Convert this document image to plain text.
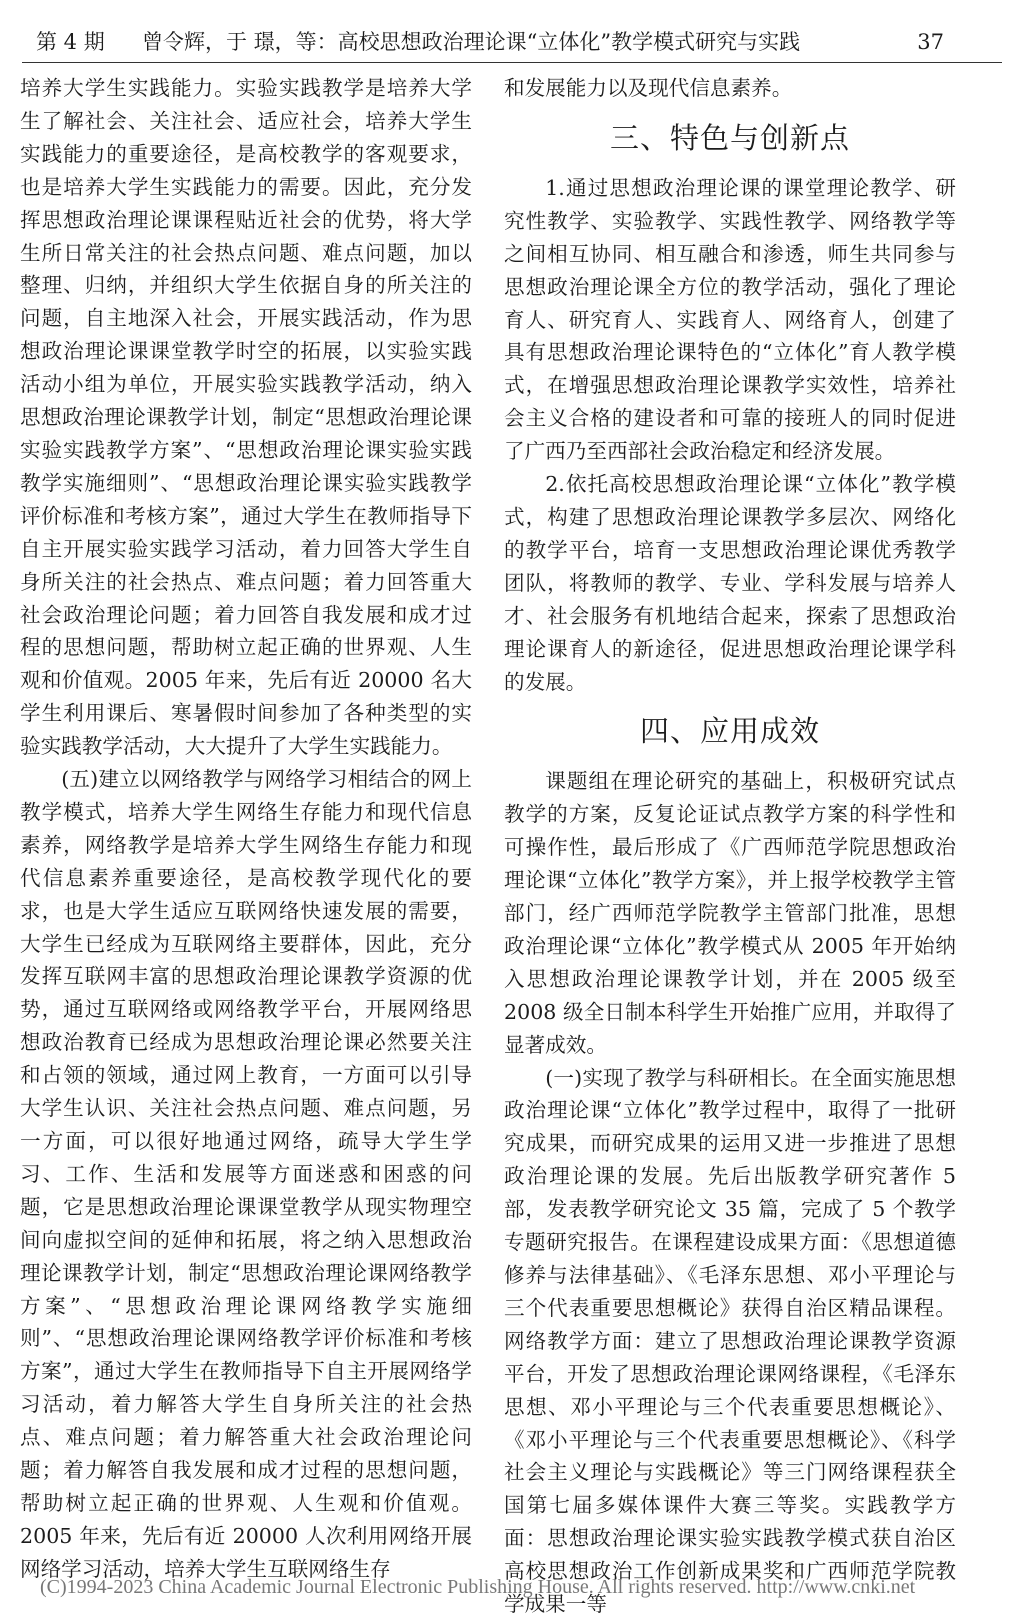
第 4 期 曾令辉，于 璟，等：高校思想政治理论课“立体化”教学模式研究与实践	37

培养大学生实践能力。实验实践教学是培养大学生了解社会、关注社会、适应社会，培养大学生实践能力的重要途径，是高校教学的客观要求，也是培养大学生实践能力的需要。因此，充分发挥思想政治理论课课程贴近社会的优势，将大学生所日常关注的社会热点问题、难点问题，加以整理、归纳，并组织大学生依据自身的所关注的问题，自主地深入社会，开展实践活动，作为思想政治理论课课堂教学时空的拓展，以实验实践活动小组为单位，开展实验实践教学活动，纳入思想政治理论课教学计划，制定“思想政治理论课实验实践教学方案”、“思想政治理论课实验实践教学实施细则”、“思想政治理论课实验实践教学评价标准和考核方案”，通过大学生在教师指导下自主开展实验实践学习活动，着力回答大学生自身所关注的社会热点、难点问题；着力回答重大社会政治理论问题；着力回答自我发展和成才过程的思想问题，帮助树立起正确的世界观、人生观和价值观。2005 年来，先后有近 20000 名大学生利用课后、寒暑假时间参加了各种类型的实验实践教学活动，大大提升了大学生实践能力。

(五)建立以网络教学与网络学习相结合的网上教学模式，培养大学生网络生存能力和现代信息素养，网络教学是培养大学生网络生存能力和现代信息素养重要途径，是高校教学现代化的要求，也是大学生适应互联网络快速发展的需要，大学生已经成为互联网络主要群体，因此，充分发挥互联网丰富的思想政治理论课教学资源的优势，通过互联网络或网络教学平台，开展网络思想政治教育已经成为思想政治理论课必然要关注和占领的领域，通过网上教育，一方面可以引导大学生认识、关注社会热点问题、难点问题，另一方面，可以很好地通过网络，疏导大学生学习、工作、生活和发展等方面迷惑和困惑的问题，它是思想政治理论课课堂教学从现实物理空间向虚拟空间的延伸和拓展，将之纳入思想政治理论课教学计划，制定“思想政治理论课网络教学方案”、“思想政治理论课网络教学实施细则”、“思想政治理论课网络教学评价标准和考核方案”，通过大学生在教师指导下自主开展网络学习活动，着力解答大学生自身所关注的社会热点、难点问题；着力解答重大社会政治理论问题；着力解答自我发展和成才过程的思想问题，帮助树立起正确的世界观、人生观和价值观。2005 年来，先后有近 20000 人次利用网络开展网络学习活动，培养大学生互联网络生存

和发展能力以及现代信息素养。

三、特色与创新点

1.通过思想政治理论课的课堂理论教学、研究性教学、实验教学、实践性教学、网络教学等之间相互协同、相互融合和渗透，师生共同参与思想政治理论课全方位的教学活动，强化了理论育人、研究育人、实践育人、网络育人，创建了具有思想政治理论课特色的“立体化”育人教学模式，在增强思想政治理论课教学实效性，培养社会主义合格的建设者和可靠的接班人的同时促进了广西乃至西部社会政治稳定和经济发展。

2.依托高校思想政治理论课“立体化”教学模式，构建了思想政治理论课教学多层次、网络化的教学平台，培育一支思想政治理论课优秀教学团队，将教师的教学、专业、学科发展与培养人才、社会服务有机地结合起来，探索了思想政治理论课育人的新途径，促进思想政治理论课学科的发展。

四、应用成效

课题组在理论研究的基础上，积极研究试点教学的方案，反复论证试点教学方案的科学性和可操作性，最后形成了《广西师范学院思想政治理论课“立体化”教学方案》，并上报学校教学主管部门，经广西师范学院教学主管部门批准，思想政治理论课“立体化”教学模式从 2005 年开始纳入思想政治理论课教学计划，并在 2005 级至 2008 级全日制本科学生开始推广应用，并取得了显著成效。

(一)实现了教学与科研相长。在全面实施思想政治理论课“立体化”教学过程中，取得了一批研究成果，而研究成果的运用又进一步推进了思想政治理论课的发展。先后出版教学研究著作 5 部，发表教学研究论文 35 篇，完成了 5 个教学专题研究报告。在课程建设成果方面：《思想道德修养与法律基础》、《毛泽东思想、邓小平理论与三个代表重要思想概论》获得自治区精品课程。网络教学方面：建立了思想政治理论课教学资源平台，开发了思想政治理论课网络课程，《毛泽东思想、邓小平理论与三个代表重要思想概论》、《邓小平理论与三个代表重要思想概论》、《科学社会主义理论与实践概论》等三门网络课程获全国第七届多媒体课件大赛三等奖。实践教学方面：思想政治理论课实验实践教学模式获自治区高校思想政治工作创新成果奖和广西师范学院教学成果一等

(C)1994-2023 China Academic Journal Electronic Publishing House. All rights reserved. http://www.cnki.net
